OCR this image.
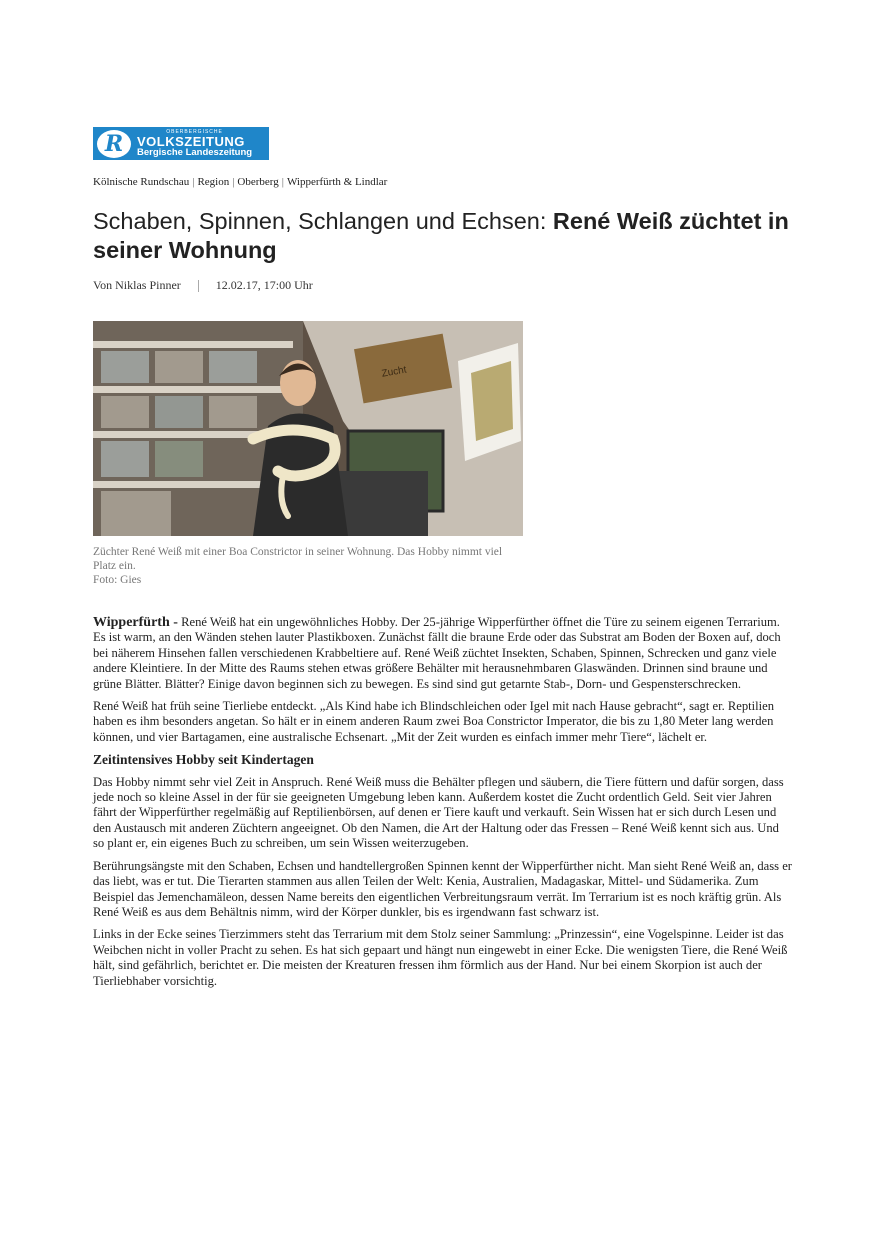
R	OBERBERGISCHE
VOLKSZEITUNG
Bergische Landeszeitung
Kölnische Rundschau | Region | Oberberg | Wipperfürth & Lindlar
Schaben, Spinnen, Schlangen und Echsen: René Weiß züchtet in seiner Wohnung
Von Niklas Pinner	12.02.17, 17:00 Uhr
Zucht

Züchter René Weiß mit einer Boa Constrictor in seiner Wohnung. Das Hobby nimmt viel Platz ein.
Foto: Gies

Wipperfürth - René Weiß hat ein ungewöhnliches Hobby. Der 25-jährige Wipperfürther öffnet die Türe zu seinem eigenen Terrarium. Es ist warm, an den Wänden stehen lauter Plastikboxen. Zunächst fällt die braune Erde oder das Substrat am Boden der Boxen auf, doch bei näherem Hinsehen fallen verschiedenen Krabbeltiere auf. René Weiß züchtet Insekten, Schaben, Spinnen, Schrecken und ganz viele andere Kleintiere. In der Mitte des Raums stehen etwas größere Behälter mit herausnehmbaren Glaswänden. Drinnen sind braune und grüne Blätter. Blätter? Einige davon beginnen sich zu bewegen. Es sind sind gut getarnte Stab-, Dorn- und Gespensterschrecken.

René Weiß hat früh seine Tierliebe entdeckt. „Als Kind habe ich Blindschleichen oder Igel mit nach Hause gebracht“, sagt er. Reptilien haben es ihm besonders angetan. So hält er in einem anderen Raum zwei Boa Constrictor Imperator, die bis zu 1,80 Meter lang werden können, und vier Bartagamen, eine australische Echsenart. „Mit der Zeit wurden es einfach immer mehr Tiere“, lächelt er.

Zeitintensives Hobby seit Kindertagen

Das Hobby nimmt sehr viel Zeit in Anspruch. René Weiß muss die Behälter pflegen und säubern, die Tiere füttern und dafür sorgen, dass jede noch so kleine Assel in der für sie geeigneten Umgebung leben kann. Außerdem kostet die Zucht ordentlich Geld. Seit vier Jahren fährt der Wipperfürther regelmäßig auf Reptilienbörsen, auf denen er Tiere kauft und verkauft. Sein Wissen hat er sich durch Lesen und den Austausch mit anderen Züchtern angeeignet. Ob den Namen, die Art der Haltung oder das Fressen – René Weiß kennt sich aus. Und so plant er, ein eigenes Buch zu schreiben, um sein Wissen weiterzugeben.

Berührungsängste mit den Schaben, Echsen und handtellergroßen Spinnen kennt der Wipperfürther nicht. Man sieht René Weiß an, dass er das liebt, was er tut. Die Tierarten stammen aus allen Teilen der Welt: Kenia, Australien, Madagaskar, Mittel- und Südamerika. Zum Beispiel das Jemenchamäleon, dessen Name bereits den eigentlichen Verbreitungsraum verrät. Im Terrarium ist es noch kräftig grün. Als René Weiß es aus dem Behältnis nimm, wird der Körper dunkler, bis es irgendwann fast schwarz ist.

Links in der Ecke seines Tierzimmers steht das Terrarium mit dem Stolz seiner Sammlung: „Prinzessin“, eine Vogelspinne. Leider ist das Weibchen nicht in voller Pracht zu sehen. Es hat sich gepaart und hängt nun eingewebt in einer Ecke. Die wenigsten Tiere, die René Weiß hält, sind gefährlich, berichtet er. Die meisten der Kreaturen fressen ihm förmlich aus der Hand. Nur bei einem Skorpion ist auch der Tierliebhaber vorsichtig.
